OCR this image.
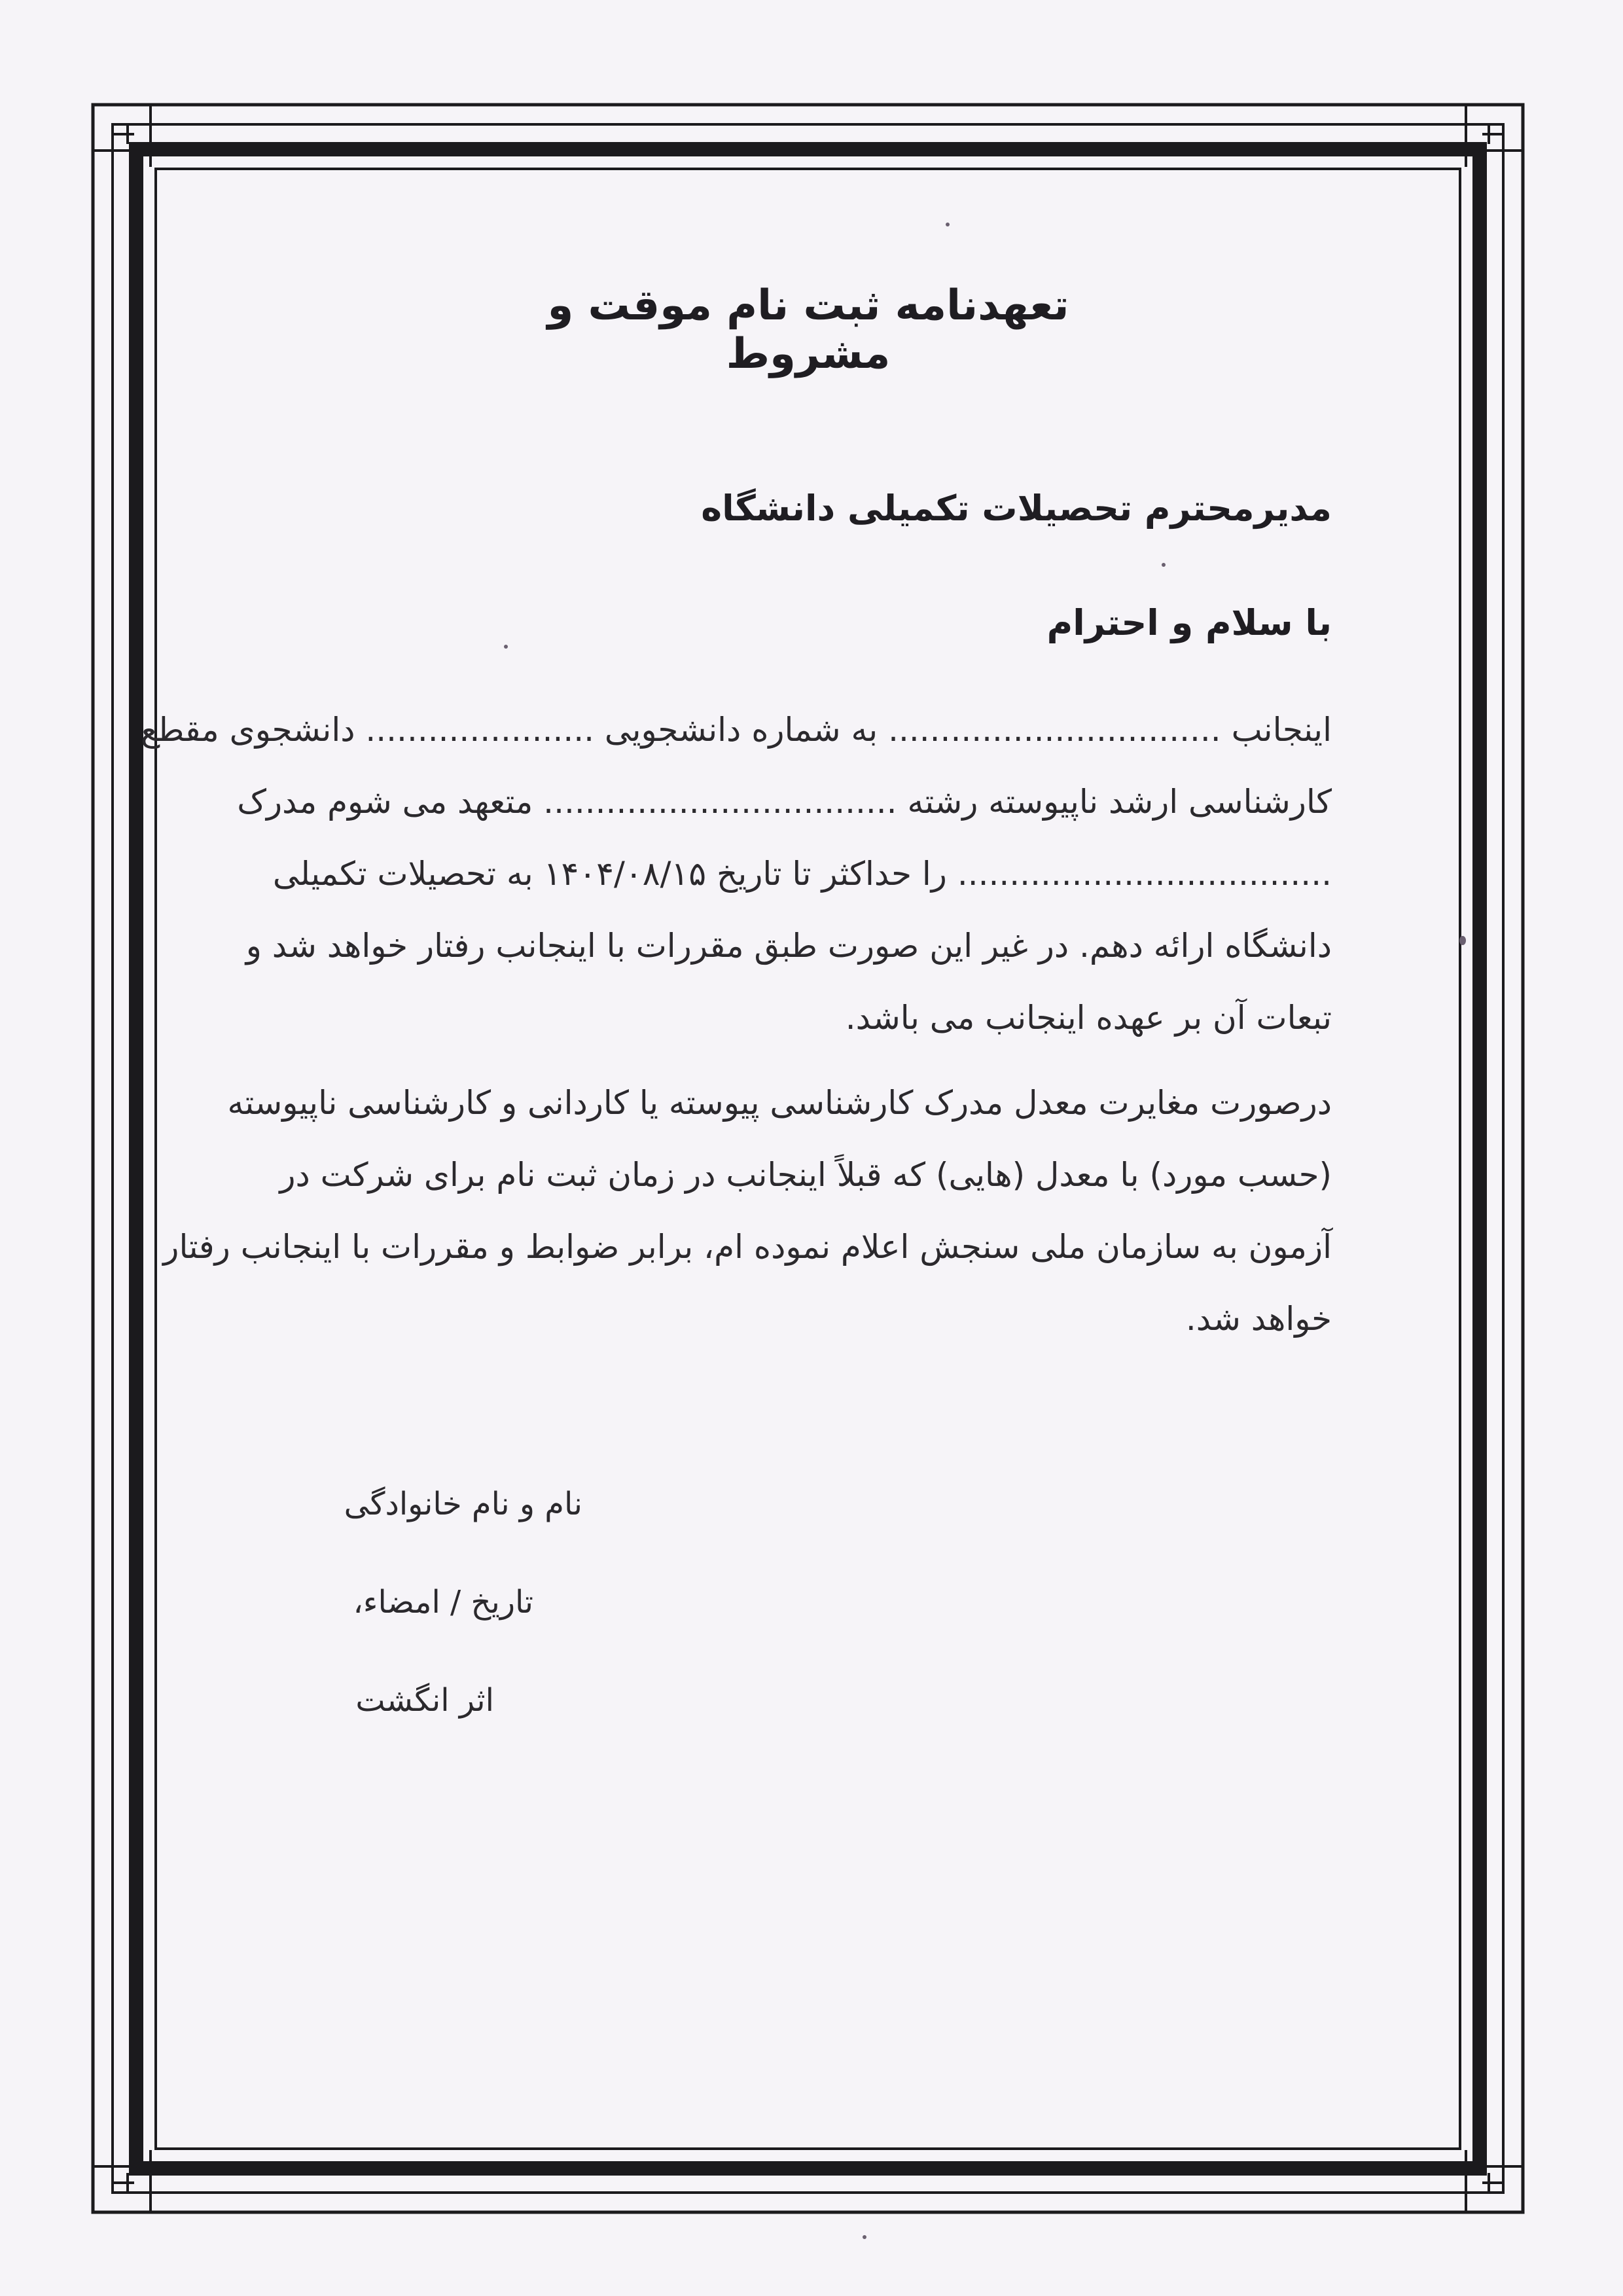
تعهدنامه ثبت نام موقت و مشروط
مدیرمحترم تحصیلات تکمیلی دانشگاه
با سلام و احترام
اینجانب ................................ به شماره دانشجویی ...................... دانشجوی مقطع
کارشناسی ارشد ناپیوسته رشته .................................. متعهد می شوم مدرک
.................................... را حداکثر تا تاریخ ۱۴۰۴/۰۸/۱۵ به تحصیلات تکمیلی
دانشگاه ارائه دهم. در غیر این صورت طبق مقررات با اینجانب رفتار خواهد شد و
تبعات آن بر عهده اینجانب می باشد.
درصورت مغایرت معدل مدرک کارشناسی پیوسته یا کاردانی و کارشناسی ناپیوسته
(حسب مورد) با معدل (هایی) که قبلاً اینجانب در زمان ثبت نام برای شرکت در
آزمون به سازمان ملی سنجش اعلام نموده ام، برابر ضوابط و مقررات با اینجانب رفتار
خواهد شد.
نام و نام خانوادگی
تاریخ / امضاء،
اثر انگشت
